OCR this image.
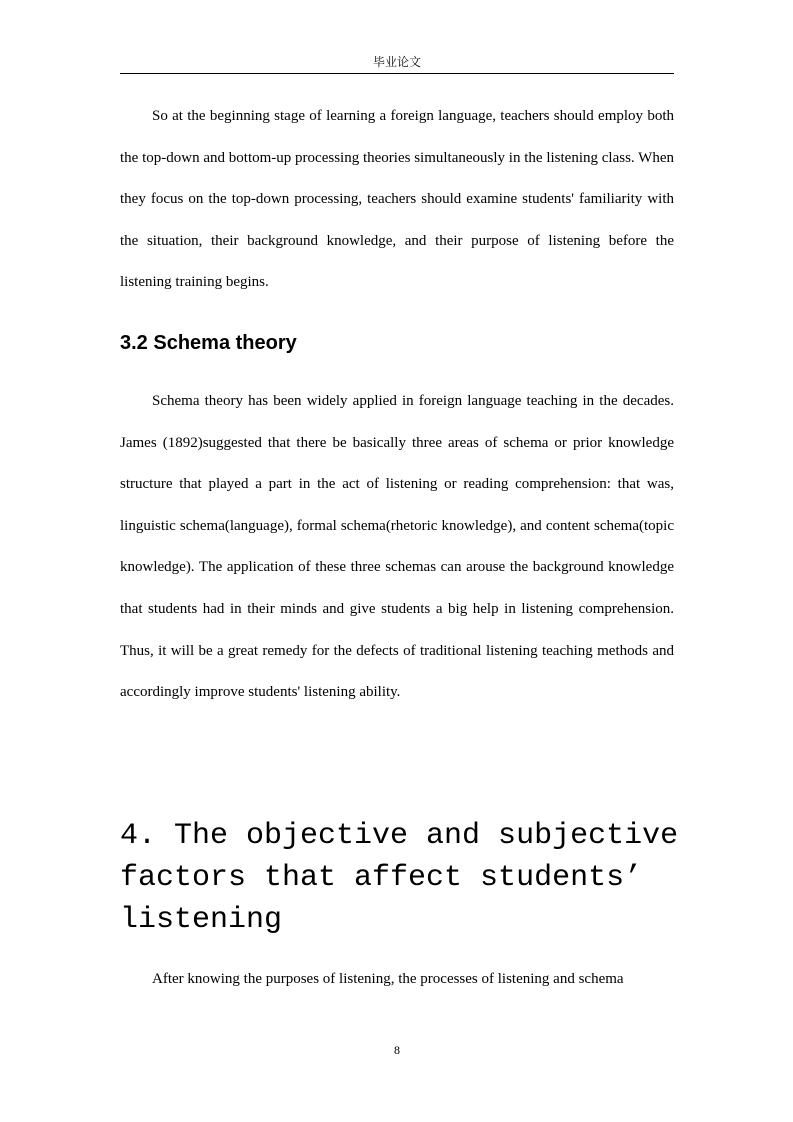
毕业论文

So at the beginning stage of learning a foreign language, teachers should employ both the top-down and bottom-up processing theories simultaneously in the listening class. When they focus on the top-down processing, teachers should examine students' familiarity with the situation, their background knowledge, and their purpose of listening before the listening training begins.

3.2 Schema theory

Schema theory has been widely applied in foreign language teaching in the decades. James (1892)suggested that there be basically three areas of schema or prior knowledge structure that played a part in the act of listening or reading comprehension: that was, linguistic schema(language), formal schema(rhetoric knowledge), and content schema(topic knowledge). The application of these three schemas can arouse the background knowledge that students had in their minds and give students a big help in listening comprehension. Thus, it will be a great remedy for the defects of traditional listening teaching methods and accordingly improve students' listening ability.

4. The objective and subjective factors that affect students’ listening

After knowing the purposes of listening, the processes of listening and schema

8
